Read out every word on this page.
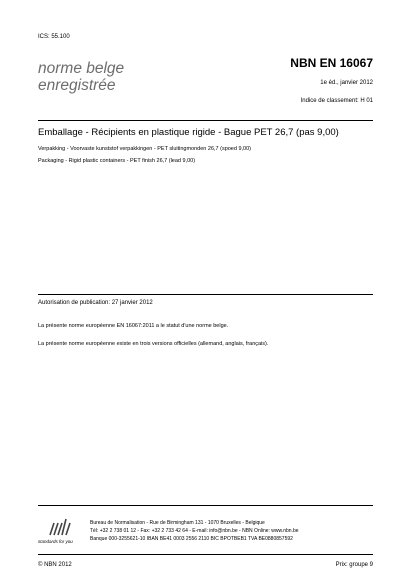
ICS: 55.100
norme belge
enregistrée
NBN EN 16067
1e éd., janvier 2012
Indice de classement: H 01
Emballage - Récipients en plastique rigide - Bague PET 26,7 (pas 9,00)
Verpakking - Voorvaste kunststof verpakkingen - PET sluitingmonden 26,7 (spoed 9,00)
Packaging - Rigid plastic containers - PET finish 26,7 (lead 9,00)
Autorisation de publication: 27 janvier 2012
La présente norme européenne EN 16067:2011 a le statut d'une norme belge.
La présente norme européenne existe en trois versions officielles (allemand, anglais, français).
standards for you
Bureau de Normalisation - Rue de Birmingham 131 - 1070 Bruxelles - Belgique
Tél: +32 2 738 01 12 - Fax: +32 2 733 42 64 - E-mail: info@nbn.be - NBN Online: www.nbn.be
Banque 000-3255621-10 IBAN BE41 0003 2556 2110 BIC BPOTBEB1 TVA BE0880857592
© NBN 2012	Prix: groupe 9
